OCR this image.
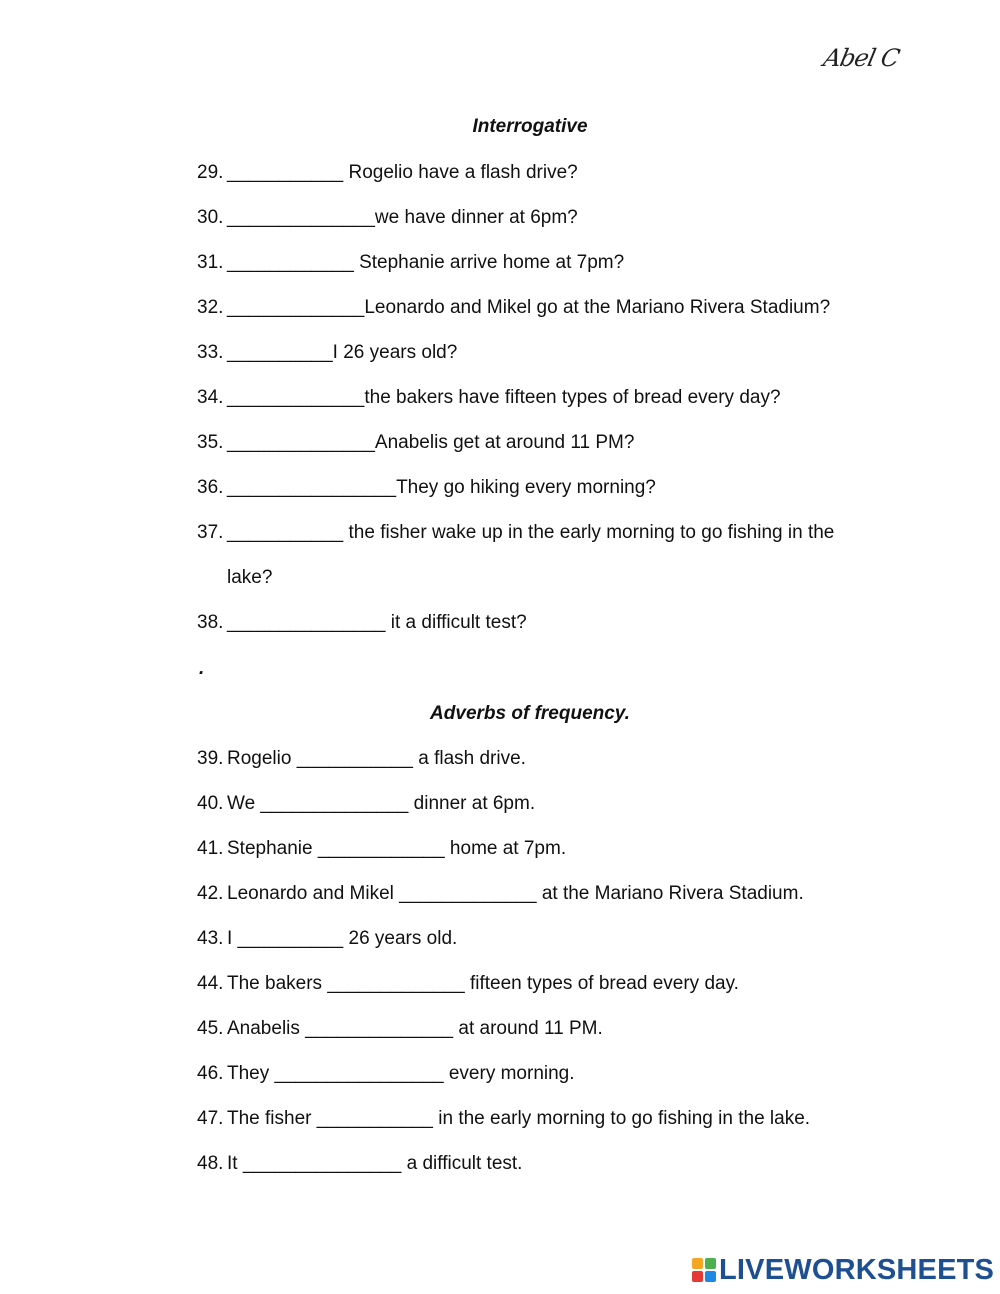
Abel C
Interrogative
29. ___________ Rogelio have a flash drive?
30. ______________we have dinner at 6pm?
31. ____________ Stephanie arrive home at 7pm?
32. _____________Leonardo and Mikel go at the Mariano Rivera Stadium?
33. __________I 26 years old?
34. _____________the bakers have fifteen types of bread every day?
35. ______________Anabelis get at around 11 PM?
36. ________________They go hiking every morning?
37. ___________ the fisher wake up in the early morning to go fishing in the
lake?
38. _______________ it a difficult test?
.
Adverbs of frequency.
39. Rogelio ___________ a flash drive.
40. We ______________ dinner at 6pm.
41. Stephanie ____________ home at 7pm.
42. Leonardo and Mikel _____________ at the Mariano Rivera Stadium.
43. I __________ 26 years old.
44. The bakers _____________ fifteen types of bread every day.
45. Anabelis ______________ at around 11 PM.
46. They ________________ every morning.
47. The fisher ___________ in the early morning to go fishing in the lake.
48. It _______________ a difficult test.
LIVEWORKSHEETS
